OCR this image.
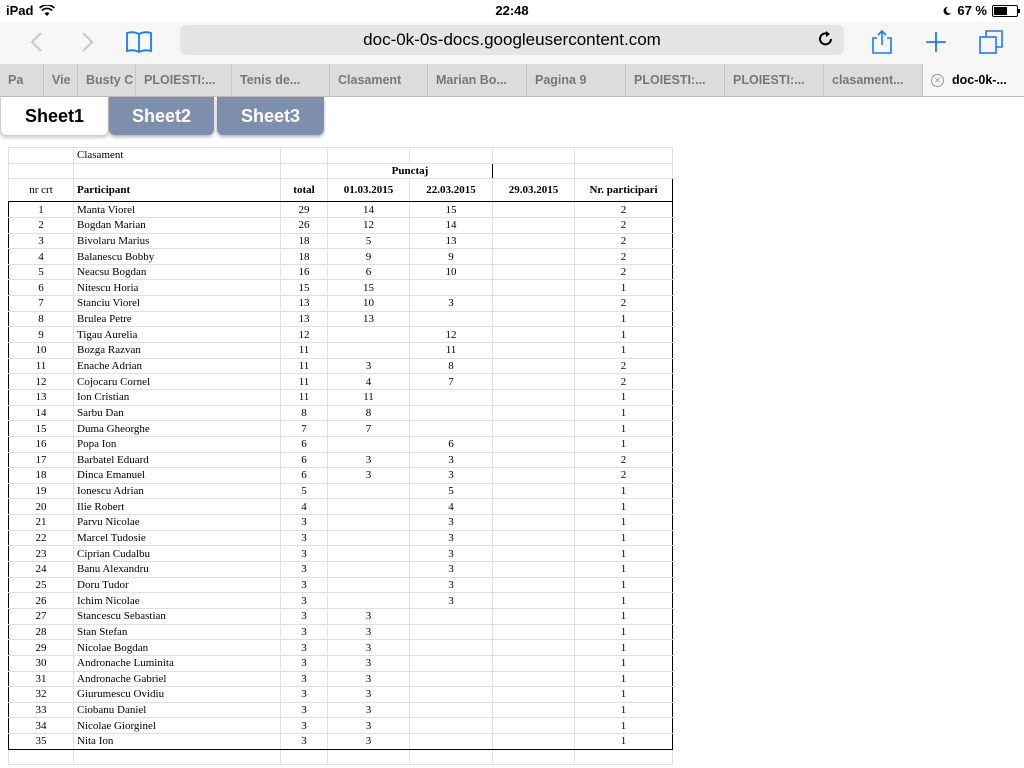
iPad	22:48	67 %
doc-0k-0s-docs.googleusercontent.com
Pa Vie Busty C PLOIESTI:... Tenis de...	Clasament	Marian Bo... Pagina 9	PLOIESTI:... PLOIESTI:... clasament...	✕ doc-0k-...
Sheet1	Sheet2	Sheet3
	Clasament					
			Punctaj			
nr crt	Participant	total	01.03.2015	22.03.2015	29.03.2015	Nr. participari
1	Manta Viorel	29	14	15		2
2	Bogdan Marian	26	12	14		2
3	Bivolaru Marius	18	5	13		2
4	Balanescu Bobby	18	9	9		2
5	Neacsu Bogdan	16	6	10		2
6	Nitescu Horia	15	15			1
7	Stanciu Viorel	13	10	3		2
8	Brulea Petre	13	13			1
9	Tigau Aurelia	12		12		1
10	Bozga Razvan	11		11		1
11	Enache Adrian	11	3	8		2
12	Cojocaru Cornel	11	4	7		2
13	Ion Cristian	11	11			1
14	Sarbu Dan	8	8			1
15	Duma Gheorghe	7	7			1
16	Popa Ion	6		6		1
17	Barbatel Eduard	6	3	3		2
18	Dinca Emanuel	6	3	3		2
19	Ionescu Adrian	5		5		1
20	Ilie Robert	4		4		1
21	Parvu Nicolae	3		3		1
22	Marcel Tudosie	3		3		1
23	Ciprian Cudalbu	3		3		1
24	Banu Alexandru	3		3		1
25	Doru Tudor	3		3		1
26	Ichim Nicolae	3		3		1
27	Stancescu Sebastian	3	3			1
28	Stan Stefan	3	3			1
29	Nicolae Bogdan	3	3			1
30	Andronache Luminita	3	3			1
31	Andronache Gabriel	3	3			1
32	Giurumescu Ovidiu	3	3			1
33	Ciobanu Daniel	3	3			1
34	Nicolae Giorginel	3	3			1
35	Nita Ion	3	3			1
